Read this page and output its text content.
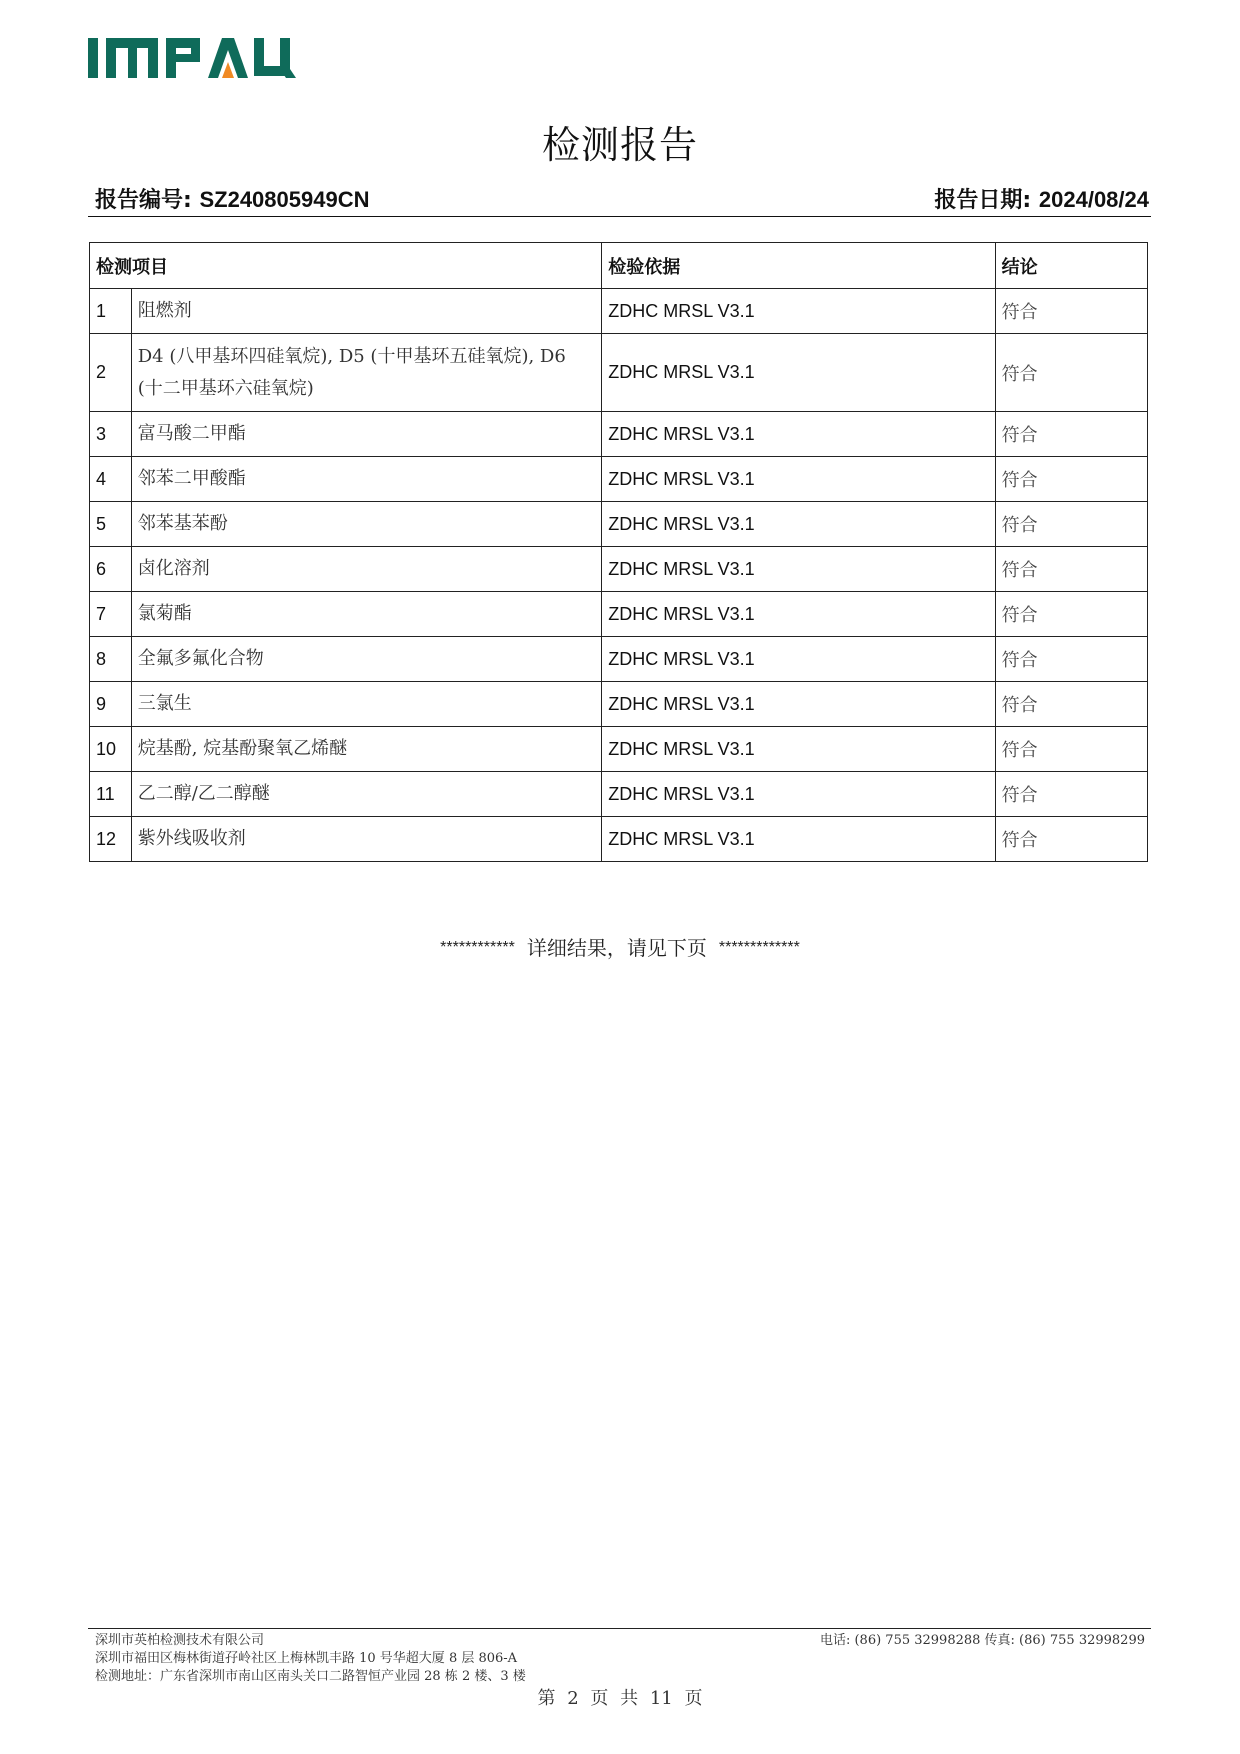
检测报告
报告编号: SZ240805949CN	报告日期: 2024/08/24
检测项目		检验依据	结论
1	阻燃剂	ZDHC MRSL V3.1	符合
2	D4 (八甲基环四硅氧烷), D5 (十甲基环五硅氧烷), D6 (十二甲基环六硅氧烷)	ZDHC MRSL V3.1	符合
3	富马酸二甲酯	ZDHC MRSL V3.1	符合
4	邻苯二甲酸酯	ZDHC MRSL V3.1	符合
5	邻苯基苯酚	ZDHC MRSL V3.1	符合
6	卤化溶剂	ZDHC MRSL V3.1	符合
7	氯菊酯	ZDHC MRSL V3.1	符合
8	全氟多氟化合物	ZDHC MRSL V3.1	符合
9	三氯生	ZDHC MRSL V3.1	符合
10	烷基酚, 烷基酚聚氧乙烯醚	ZDHC MRSL V3.1	符合
11	乙二醇/乙二醇醚	ZDHC MRSL V3.1	符合
12	紫外线吸收剂	ZDHC MRSL V3.1	符合
************ 详细结果，请见下页 *************
深圳市英柏检测技术有限公司
深圳市福田区梅林街道孖岭社区上梅林凯丰路 10 号华超大厦 8 层 806-A
检测地址：广东省深圳市南山区南头关口二路智恒产业园 28 栋 2 楼、3 楼
电话: (86) 755 32998288 传真: (86) 755 32998299
第 2 页 共 11 页
